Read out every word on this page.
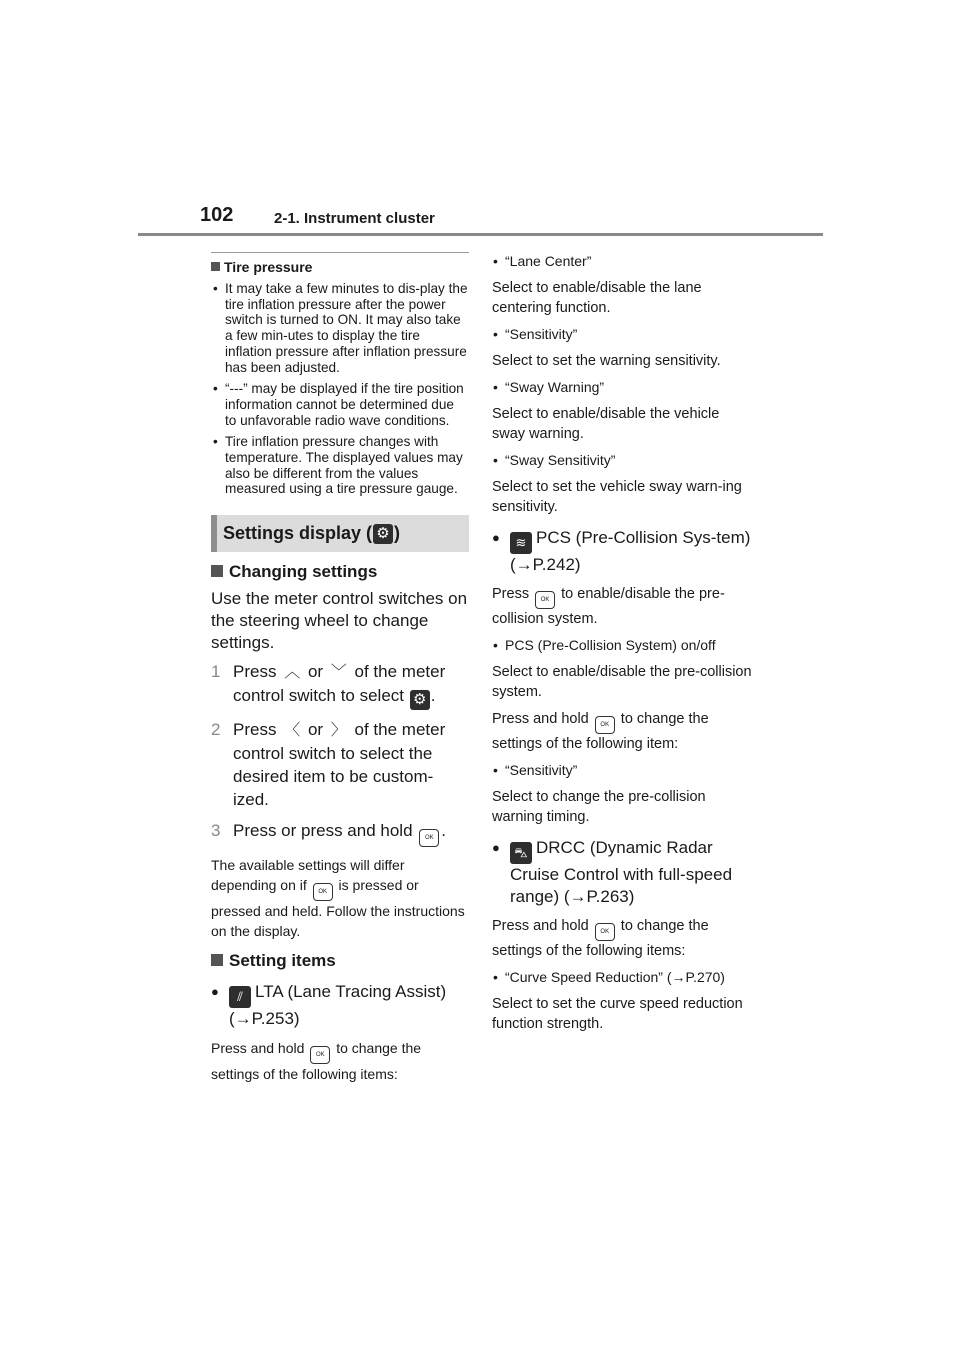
102	2-1. Instrument cluster
Tire pressure
• It may take a few minutes to dis-play the tire inflation pressure after the power switch is turned to ON. It may also take a few min-utes to display the tire inflation pressure after inflation pressure has been adjusted.
• “---” may be displayed if the tire position information cannot be determined due to unfavorable radio wave conditions.
• Tire inflation pressure changes with temperature. The displayed values may also be different from the values measured using a tire pressure gauge.
Settings display ( ⚙ )
Changing settings

Use the meter control switches on the steering wheel to change settings.

1 Press ︿ or ﹀ of the meter control switch to select ⚙ .
2 Press 〈 or 〉 of the meter control switch to select the desired item to be custom-ized.
3 Press or press and hold OK .

The available settings will differ depending on if OK is pressed or pressed and held. Follow the instructions on the display.

Setting items
● ⫽ LTA (Lane Tracing Assist)
(→P.253)

Press and hold OK to change the settings of the following items:

• “Lane Center”

Select to enable/disable the lane centering function.

• “Sensitivity”

Select to set the warning sensitivity.

• “Sway Warning”

Select to enable/disable the vehicle sway warning.

• “Sway Sensitivity”

Select to set the vehicle sway warn-ing sensitivity.

● ≋ PCS (Pre-Collision Sys-tem) (→P.242)

Press OK to enable/disable the pre-collision system.

• PCS (Pre-Collision System) on/off

Select to enable/disable the pre-collision system.

Press and hold OK to change the settings of the following item:

• “Sensitivity”

Select to change the pre-collision warning timing.

● ⛍ DRCC (Dynamic Radar Cruise Control with full-speed range) (→P.263)

Press and hold OK to change the settings of the following items:

• “Curve Speed Reduction” (→P.270)

Select to set the curve speed reduction function strength.
